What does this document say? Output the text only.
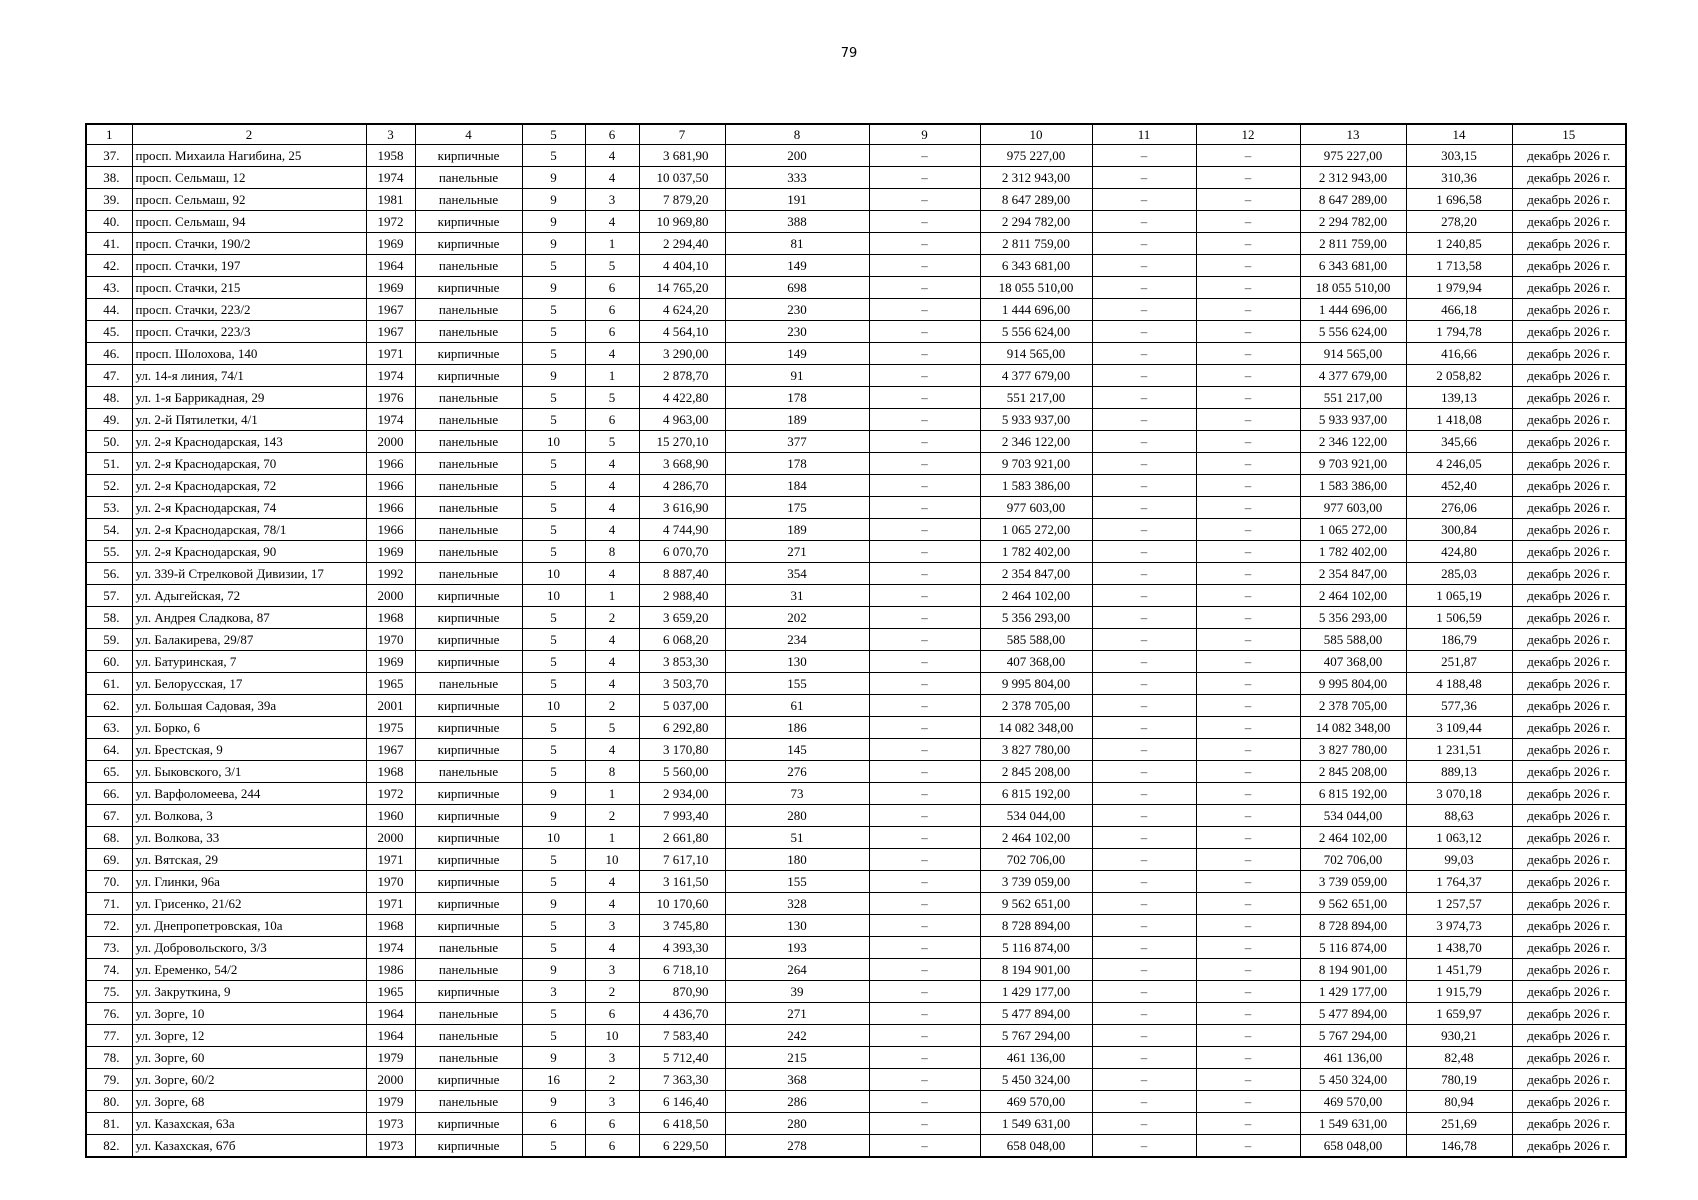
79
1	2	3	4	5	6	7	8	9	10	11	12	13	14	15
37.	просп. Михаила Нагибина, 25	1958	кирпичные	5	4	3 681,90	200	–	975 227,00	–	–	975 227,00	303,15	декабрь 2026 г.
38.	просп. Сельмаш, 12	1974	панельные	9	4	10 037,50	333	–	2 312 943,00	–	–	2 312 943,00	310,36	декабрь 2026 г.
39.	просп. Сельмаш, 92	1981	панельные	9	3	7 879,20	191	–	8 647 289,00	–	–	8 647 289,00	1 696,58	декабрь 2026 г.
40.	просп. Сельмаш, 94	1972	кирпичные	9	4	10 969,80	388	–	2 294 782,00	–	–	2 294 782,00	278,20	декабрь 2026 г.
41.	просп. Стачки, 190/2	1969	кирпичные	9	1	2 294,40	81	–	2 811 759,00	–	–	2 811 759,00	1 240,85	декабрь 2026 г.
42.	просп. Стачки, 197	1964	панельные	5	5	4 404,10	149	–	6 343 681,00	–	–	6 343 681,00	1 713,58	декабрь 2026 г.
43.	просп. Стачки, 215	1969	кирпичные	9	6	14 765,20	698	–	18 055 510,00	–	–	18 055 510,00	1 979,94	декабрь 2026 г.
44.	просп. Стачки, 223/2	1967	панельные	5	6	4 624,20	230	–	1 444 696,00	–	–	1 444 696,00	466,18	декабрь 2026 г.
45.	просп. Стачки, 223/3	1967	панельные	5	6	4 564,10	230	–	5 556 624,00	–	–	5 556 624,00	1 794,78	декабрь 2026 г.
46.	просп. Шолохова, 140	1971	кирпичные	5	4	3 290,00	149	–	914 565,00	–	–	914 565,00	416,66	декабрь 2026 г.
47.	ул. 14-я линия, 74/1	1974	кирпичные	9	1	2 878,70	91	–	4 377 679,00	–	–	4 377 679,00	2 058,82	декабрь 2026 г.
48.	ул. 1-я Баррикадная, 29	1976	панельные	5	5	4 422,80	178	–	551 217,00	–	–	551 217,00	139,13	декабрь 2026 г.
49.	ул. 2-й Пятилетки, 4/1	1974	панельные	5	6	4 963,00	189	–	5 933 937,00	–	–	5 933 937,00	1 418,08	декабрь 2026 г.
50.	ул. 2-я Краснодарская, 143	2000	панельные	10	5	15 270,10	377	–	2 346 122,00	–	–	2 346 122,00	345,66	декабрь 2026 г.
51.	ул. 2-я Краснодарская, 70	1966	панельные	5	4	3 668,90	178	–	9 703 921,00	–	–	9 703 921,00	4 246,05	декабрь 2026 г.
52.	ул. 2-я Краснодарская, 72	1966	панельные	5	4	4 286,70	184	–	1 583 386,00	–	–	1 583 386,00	452,40	декабрь 2026 г.
53.	ул. 2-я Краснодарская, 74	1966	панельные	5	4	3 616,90	175	–	977 603,00	–	–	977 603,00	276,06	декабрь 2026 г.
54.	ул. 2-я Краснодарская, 78/1	1966	панельные	5	4	4 744,90	189	–	1 065 272,00	–	–	1 065 272,00	300,84	декабрь 2026 г.
55.	ул. 2-я Краснодарская, 90	1969	панельные	5	8	6 070,70	271	–	1 782 402,00	–	–	1 782 402,00	424,80	декабрь 2026 г.
56.	ул. 339-й Стрелковой Дивизии, 17	1992	панельные	10	4	8 887,40	354	–	2 354 847,00	–	–	2 354 847,00	285,03	декабрь 2026 г.
57.	ул. Адыгейская, 72	2000	кирпичные	10	1	2 988,40	31	–	2 464 102,00	–	–	2 464 102,00	1 065,19	декабрь 2026 г.
58.	ул. Андрея Сладкова, 87	1968	кирпичные	5	2	3 659,20	202	–	5 356 293,00	–	–	5 356 293,00	1 506,59	декабрь 2026 г.
59.	ул. Балакирева, 29/87	1970	кирпичные	5	4	6 068,20	234	–	585 588,00	–	–	585 588,00	186,79	декабрь 2026 г.
60.	ул. Батуринская, 7	1969	кирпичные	5	4	3 853,30	130	–	407 368,00	–	–	407 368,00	251,87	декабрь 2026 г.
61.	ул. Белорусская, 17	1965	панельные	5	4	3 503,70	155	–	9 995 804,00	–	–	9 995 804,00	4 188,48	декабрь 2026 г.
62.	ул. Большая Садовая, 39а	2001	кирпичные	10	2	5 037,00	61	–	2 378 705,00	–	–	2 378 705,00	577,36	декабрь 2026 г.
63.	ул. Борко, 6	1975	кирпичные	5	5	6 292,80	186	–	14 082 348,00	–	–	14 082 348,00	3 109,44	декабрь 2026 г.
64.	ул. Брестская, 9	1967	кирпичные	5	4	3 170,80	145	–	3 827 780,00	–	–	3 827 780,00	1 231,51	декабрь 2026 г.
65.	ул. Быковского, 3/1	1968	панельные	5	8	5 560,00	276	–	2 845 208,00	–	–	2 845 208,00	889,13	декабрь 2026 г.
66.	ул. Варфоломеева, 244	1972	кирпичные	9	1	2 934,00	73	–	6 815 192,00	–	–	6 815 192,00	3 070,18	декабрь 2026 г.
67.	ул. Волкова, 3	1960	кирпичные	9	2	7 993,40	280	–	534 044,00	–	–	534 044,00	88,63	декабрь 2026 г.
68.	ул. Волкова, 33	2000	кирпичные	10	1	2 661,80	51	–	2 464 102,00	–	–	2 464 102,00	1 063,12	декабрь 2026 г.
69.	ул. Вятская, 29	1971	кирпичные	5	10	7 617,10	180	–	702 706,00	–	–	702 706,00	99,03	декабрь 2026 г.
70.	ул. Глинки, 96а	1970	кирпичные	5	4	3 161,50	155	–	3 739 059,00	–	–	3 739 059,00	1 764,37	декабрь 2026 г.
71.	ул. Грисенко, 21/62	1971	кирпичные	9	4	10 170,60	328	–	9 562 651,00	–	–	9 562 651,00	1 257,57	декабрь 2026 г.
72.	ул. Днепропетровская, 10а	1968	кирпичные	5	3	3 745,80	130	–	8 728 894,00	–	–	8 728 894,00	3 974,73	декабрь 2026 г.
73.	ул. Добровольского, 3/3	1974	панельные	5	4	4 393,30	193	–	5 116 874,00	–	–	5 116 874,00	1 438,70	декабрь 2026 г.
74.	ул. Еременко, 54/2	1986	панельные	9	3	6 718,10	264	–	8 194 901,00	–	–	8 194 901,00	1 451,79	декабрь 2026 г.
75.	ул. Закруткина, 9	1965	кирпичные	3	2	870,90	39	–	1 429 177,00	–	–	1 429 177,00	1 915,79	декабрь 2026 г.
76.	ул. Зорге, 10	1964	панельные	5	6	4 436,70	271	–	5 477 894,00	–	–	5 477 894,00	1 659,97	декабрь 2026 г.
77.	ул. Зорге, 12	1964	панельные	5	10	7 583,40	242	–	5 767 294,00	–	–	5 767 294,00	930,21	декабрь 2026 г.
78.	ул. Зорге, 60	1979	панельные	9	3	5 712,40	215	–	461 136,00	–	–	461 136,00	82,48	декабрь 2026 г.
79.	ул. Зорге, 60/2	2000	кирпичные	16	2	7 363,30	368	–	5 450 324,00	–	–	5 450 324,00	780,19	декабрь 2026 г.
80.	ул. Зорге, 68	1979	панельные	9	3	6 146,40	286	–	469 570,00	–	–	469 570,00	80,94	декабрь 2026 г.
81.	ул. Казахская, 63а	1973	кирпичные	6	6	6 418,50	280	–	1 549 631,00	–	–	1 549 631,00	251,69	декабрь 2026 г.
82.	ул. Казахская, 67б	1973	кирпичные	5	6	6 229,50	278	–	658 048,00	–	–	658 048,00	146,78	декабрь 2026 г.
